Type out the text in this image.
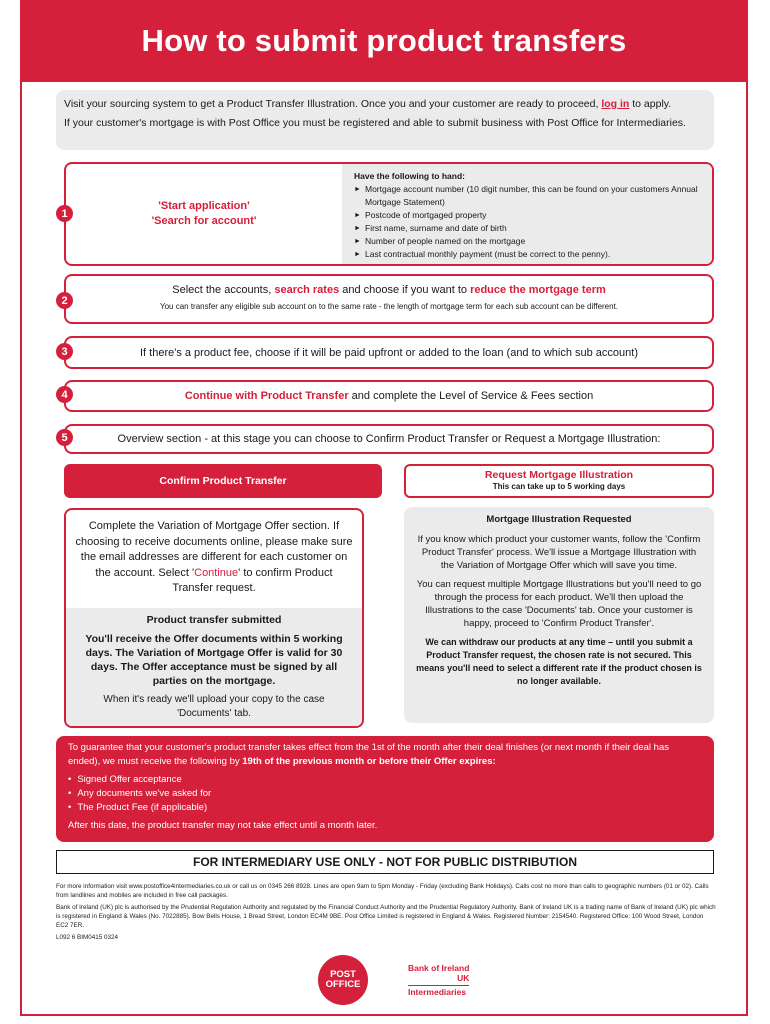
How to submit product transfers

Visit your sourcing system to get a Product Transfer Illustration. Once you and your customer are ready to proceed, log in to apply.

If your customer's mortgage is with Post Office you must be registered and able to submit business with Post Office for Intermediaries.

'Start application'
'Search for account'
Have the following to hand:
► Mortgage account number (10 digit number, this can be found on your customers Annual Mortgage Statement)
► Postcode of mortgaged property
► First name, surname and date of birth
► Number of people named on the mortgage
► Last contractual monthly payment (must be correct to the penny).
1
Select the accounts, search rates and choose if you want to reduce the mortgage term
You can transfer any eligible sub account on to the same rate - the length of mortgage term for each sub account can be different.
2
If there's a product fee, choose if it will be paid upfront or added to the loan (and to which sub account)
3
Continue with Product Transfer and complete the Level of Service & Fees section
4
Overview section - at this stage you can choose to Confirm Product Transfer or Request a Mortgage Illustration:
5
Confirm Product Transfer	Request Mortgage Illustration
This can take up to 5 working days
Complete the Variation of Mortgage Offer section. If choosing to receive documents online, please make sure the email addresses are different for each customer on the account. Select 'Continue' to confirm Product Transfer request.
Product transfer submitted
You'll receive the Offer documents within 5 working days. The Variation of Mortgage Offer is valid for 30 days. The Offer acceptance must be signed by all parties on the mortgage.
When it's ready we'll upload your copy to the case 'Documents' tab.
Mortgage Illustration Requested

If you know which product your customer wants, follow the 'Confirm Product Transfer' process. We'll issue a Mortgage Illustration with the Variation of Mortgage Offer which will save you time.

You can request multiple Mortgage Illustrations but you'll need to go through the process for each product. We'll then upload the Illustrations to the case 'Documents' tab. Once your customer is happy, proceed to 'Confirm Product Transfer'.

We can withdraw our products at any time – until you submit a Product Transfer request, the chosen rate is not secured. This means you'll need to select a different rate if the product chosen is no longer available.

To guarantee that your customer's product transfer takes effect from the 1st of the month after their deal finishes (or next month if their deal has ended), we must receive the following by 19th of the previous month or before their Offer expires:

• Signed Offer acceptance
• Any documents we've asked for
• The Product Fee (if applicable)

After this date, the product transfer may not take effect until a month later.

FOR INTERMEDIARY USE ONLY - NOT FOR PUBLIC DISTRIBUTION

For more information visit www.postoffice4intermediaries.co.uk or call us on 0345 266 8928. Lines are open 9am to 5pm Monday - Friday (excluding Bank Holidays). Calls cost no more than calls to geographic numbers (01 or 02). Calls from landlines and mobiles are included in free call packages.

Bank of Ireland (UK) plc is authorised by the Prudential Regulation Authority and regulated by the Financial Conduct Authority and the Prudential Regulatory Authority. Bank of Ireland UK is a trading name of Bank of Ireland (UK) plc which is registered in England & Wales (No. 7022885). Bow Bells House, 1 Bread Street, London EC4M 9BE. Post Office Limited is registered in England & Wales. Registered Number: 2154540. Registered Office: 100 Wood Street, London EC2 7ER.

L092 6 BIM0415 0324

POST
OFFICE
Bank of Ireland
UK
Intermediaries
